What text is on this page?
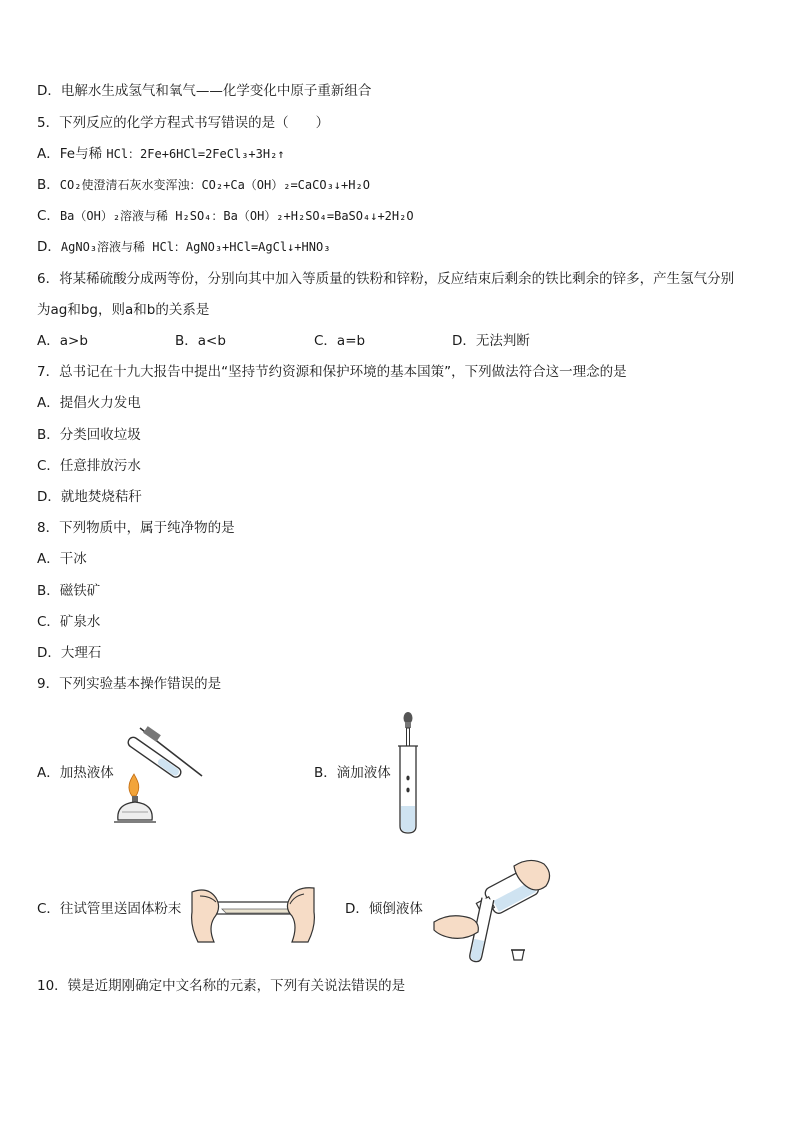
D．电解水生成氢气和氧气——化学变化中原子重新组合
5．下列反应的化学方程式书写错误的是（　　）
A．Fe与稀 HCl：2Fe+6HCl=2FeCl₃+3H₂↑
B．CO₂使澄清石灰水变浑浊：CO₂+Ca（OH）₂=CaCO₃↓+H₂O
C．Ba（OH）₂溶液与稀 H₂SO₄：Ba（OH）₂+H₂SO₄=BaSO₄↓+2H₂O
D．AgNO₃溶液与稀 HCl：AgNO₃+HCl=AgCl↓+HNO₃
6．将某稀硫酸分成两等份，分别向其中加入等质量的铁粉和锌粉，反应结束后剩余的铁比剩余的锌多，产生氢气分别
为ag和bg，则a和b的关系是
A．a>b	B．a<b	C．a=b	D．无法判断
7．总书记在十九大报告中提出“坚持节约资源和保护环境的基本国策”，下列做法符合这一理念的是
A．提倡火力发电
B．分类回收垃圾
C．任意排放污水
D．就地焚烧秸秆
8．下列物质中，属于纯净物的是
A．干冰
B．磁铁矿
C．矿泉水
D．大理石
9．下列实验基本操作错误的是
A．加热液体	B．滴加液体
C．往试管里送固体粉末	D．倾倒液体
10．镆是近期刚确定中文名称的元素，下列有关说法错误的是
